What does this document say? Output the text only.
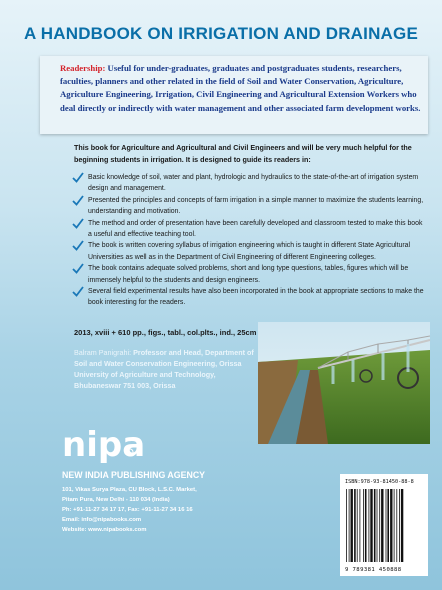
A HANDBOOK ON IRRIGATION AND DRAINAGE
Readership: Useful for under-graduates, graduates and postgraduates students, researchers, faculties, planners and other related in the field of Soil and Water Conservation, Agriculture, Agriculture Engineering, Irrigation, Civil Engineering and Agricultural Extension Workers who deal directly or indirectly with water management and other associated farm development works.
This book for Agriculture and Agricultural and Civil Engineers and will be very much helpful for the beginning students in irrigation. It is designed to guide its readers in:
Basic knowledge of soil, water and plant, hydrologic and hydraulics to the state-of-the-art of irrigation system design and management.
Presented the principles and concepts of farm irrigation in a simple manner to maximize the students learning, understanding and motivation.
The method and order of presentation have been carefully developed and classroom tested to make this book a useful and effective teaching tool.
The book is written covering syllabus of irrigation engineering which is taught in different State Agricultural Universities as well as in the Department of Civil Engineering of different Engineering colleges.
The book contains adequate solved problems, short and long type questions, tables, figures which will be immensely helpful to the students and design engineers.
Several field experimental results have also been incorporated in the book at appropriate sections to make the book interesting for the readers.
2013, xviii + 610 pp., figs., tabl., col.plts., ind., 25cm
Balram Panigrahi: Professor and Head, Department of Soil and Water Conservation Engineering, Orissa University of Agriculture and Technology, Bhubaneswar 751 003, Orissa
nipa
NEW INDIA PUBLISHING AGENCY
101, Vikas Surya Plaza, CU Block, L.S.C. Market,
Pitam Pura, New Delhi - 110 034 (India)
Ph: +91-11-27 34 17 17, Fax: +91-11-27 34 16 16
Email: info@nipabooks.com
Website: www.nipabooks.com
ISBN:978-93-81450-88-8
9 789381 450888
